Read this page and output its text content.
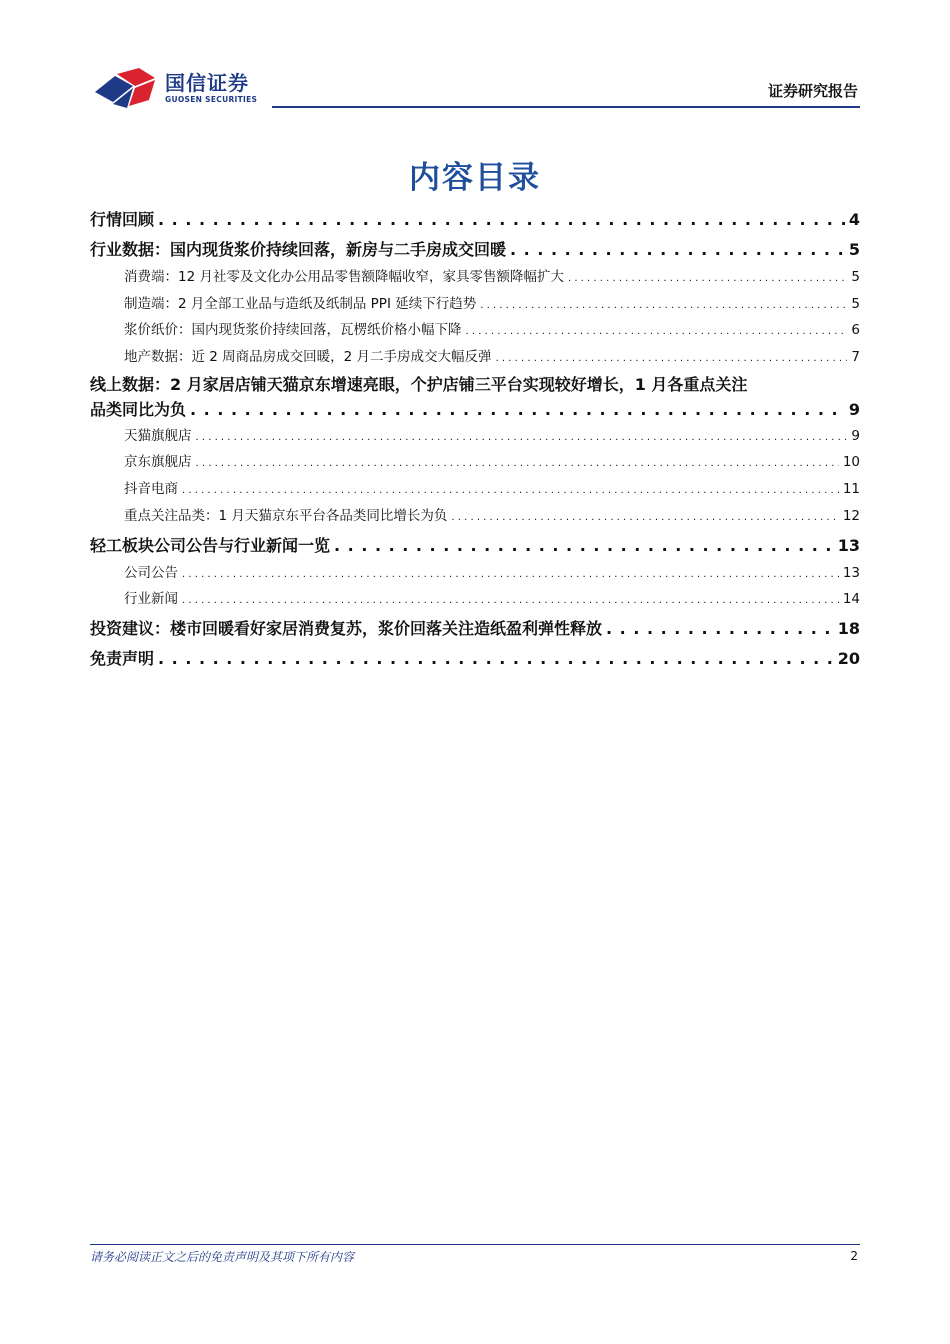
国信证券
GUOSEN SECURITIES	证券研究报告
内容目录
行情回顾 . . .	4
行业数据：国内现货浆价持续回落，新房与二手房成交回暖 . . .	5
消费端：12 月社零及文化办公用品零售额降幅收窄，家具零售额降幅扩大 . . .	5
制造端：2 月全部工业品与造纸及纸制品 PPI 延续下行趋势 . . .	5
浆价纸价：国内现货浆价持续回落，瓦楞纸价格小幅下降 . . .	6
地产数据：近 2 周商品房成交回暖，2 月二手房成交大幅反弹 . . .	7
线上数据：2 月家居店铺天猫京东增速亮眼，个护店铺三平台实现较好增长，1 月各重点关注
品类同比为负 . . .	9
天猫旗舰店 . . .	9
京东旗舰店 . . .	10
抖音电商 . . .	11
重点关注品类：1 月天猫京东平台各品类同比增长为负 . . .	12
轻工板块公司公告与行业新闻一览 . . .	13
公司公告 . . .	13
行业新闻 . . .	14
投资建议：楼市回暖看好家居消费复苏，浆价回落关注造纸盈利弹性释放 . . .	18
免责声明 . . .	20
请务必阅读正文之后的免责声明及其项下所有内容	2
